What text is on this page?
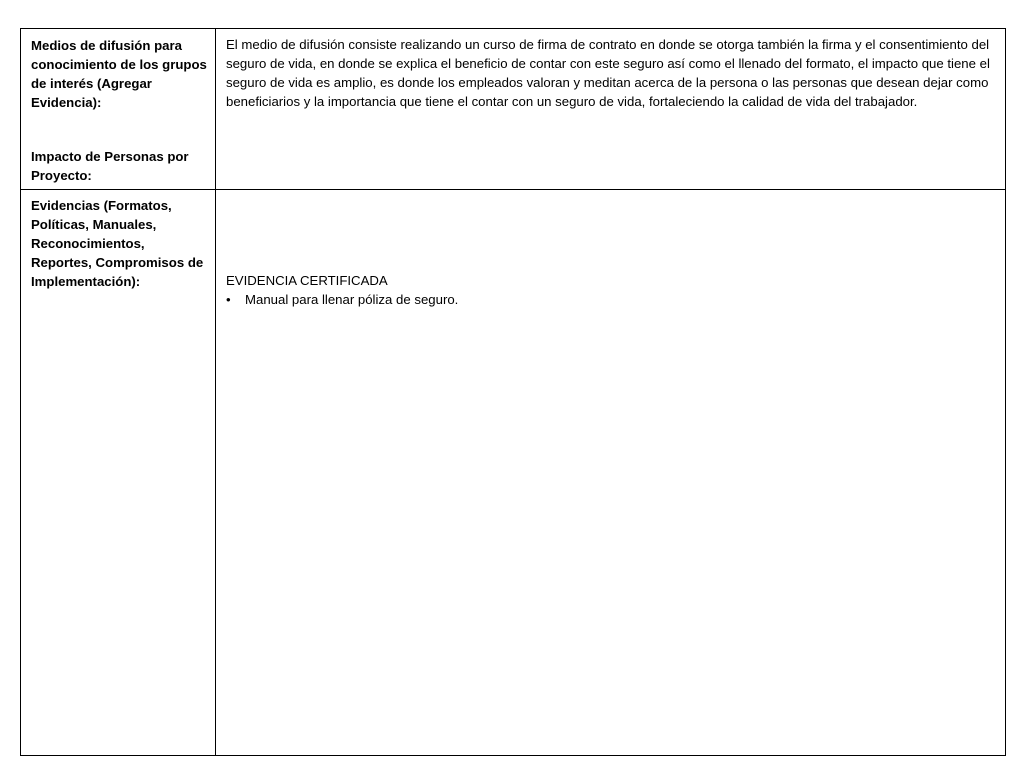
Medios de difusión para conocimiento de los grupos de interés (Agregar Evidencia):
Impacto de Personas por Proyecto:
El medio de difusión consiste realizando un curso de firma de contrato en donde se otorga también la firma y el consentimiento del seguro de vida, en donde se explica el beneficio de contar con este seguro así como el llenado del formato, el impacto que tiene el seguro de vida es amplio, es donde los empleados valoran y meditan acerca de la persona o las personas que desean dejar como beneficiarios y la importancia que tiene el contar con un seguro de vida, fortaleciendo la calidad de vida del trabajador.
Evidencias (Formatos, Políticas, Manuales, Reconocimientos, Reportes, Compromisos de Implementación):	EVIDENCIA CERTIFICADA
•	Manual para llenar póliza de seguro.
